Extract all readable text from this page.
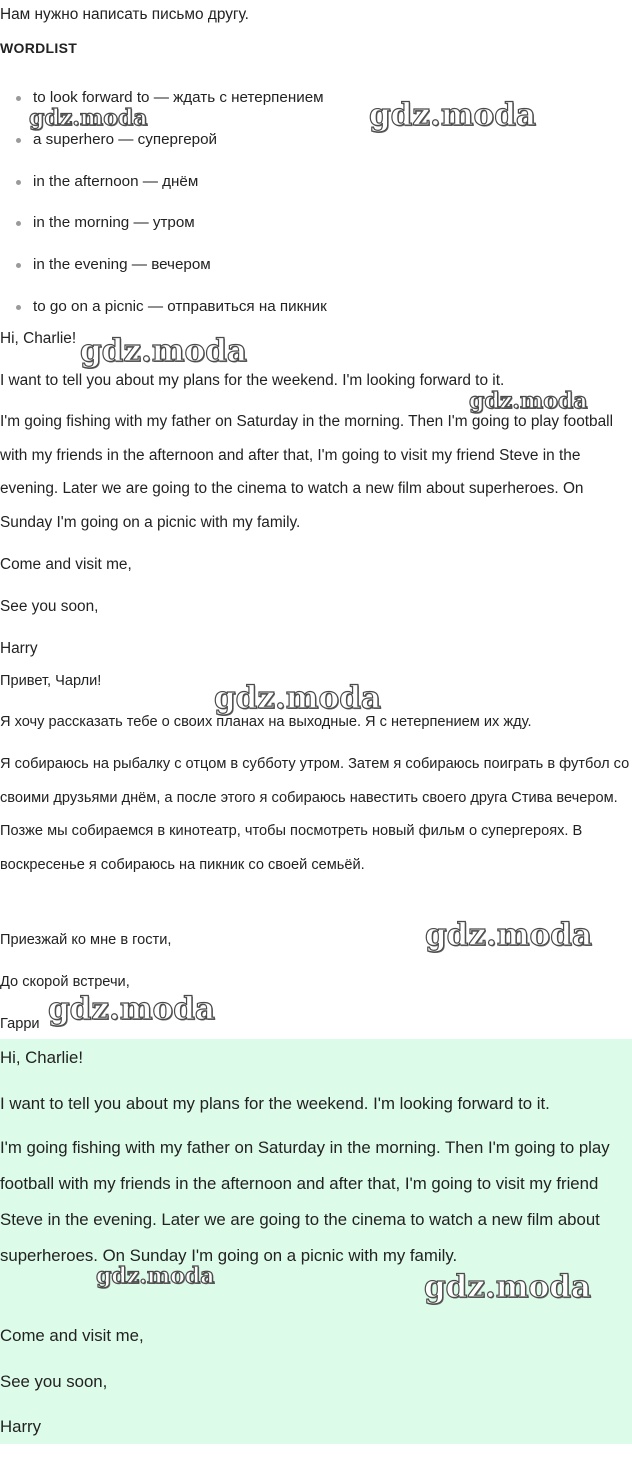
Нам нужно написать письмо другу.

WORDLIST

to look forward to — ждать с нетерпением
a superhero — супергерой
in the afternoon — днём
in the morning — утром
in the evening — вечером
to go on a picnic — отправиться на пикник

Hi, Charlie!

I want to tell you about my plans for the weekend. I'm looking forward to it.

I'm going fishing with my father on Saturday in the morning. Then I'm going to play football with my friends in the afternoon and after that, I'm going to visit my friend Steve in the evening. Later we are going to the cinema to watch a new film about superheroes. On Sunday I'm going on a picnic with my family.

Come and visit me,

See you soon,

Harry

Привет, Чарли!

Я хочу рассказать тебе о своих планах на выходные. Я с нетерпением их жду.

Я собираюсь на рыбалку с отцом в субботу утром. Затем я собираюсь поиграть в футбол со своими друзьями днём, а после этого я собираюсь навестить своего друга Стива вечером. Позже мы собираемся в кинотеатр, чтобы посмотреть новый фильм о супергероях. В воскресенье я собираюсь на пикник со своей семьёй.

Приезжай ко мне в гости,

До скорой встречи,

Гарри

Hi, Charlie!

I want to tell you about my plans for the weekend. I'm looking forward to it.

I'm going fishing with my father on Saturday in the morning. Then I'm going to play football with my friends in the afternoon and after that, I'm going to visit my friend Steve in the evening. Later we are going to the cinema to watch a new film about superheroes. On Sunday I'm going on a picnic with my family.

Come and visit me,

See you soon,

Harry

gdz.moda	gdz.moda
gdz.moda
gdz.moda
gdz.moda
gdz.moda
gdz.moda
gdz.moda	gdz.moda
